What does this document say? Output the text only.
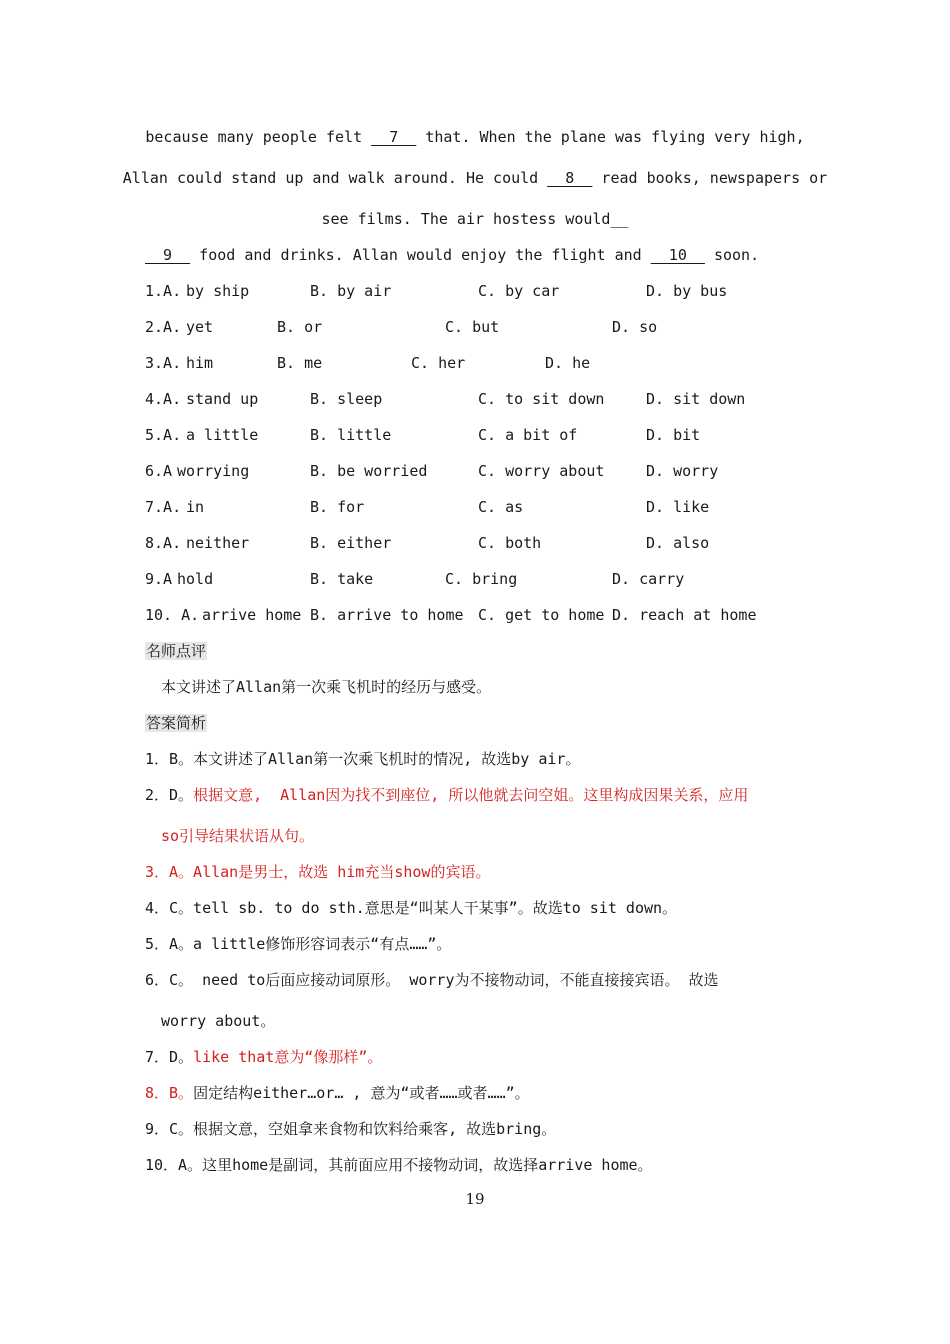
because many people felt   7   that. When the plane was flying very high,
Allan could stand up and walk around. He could   8   read books, newspapers or
see films. The air hostess would__
9   food and drinks. Allan would enjoy the flight and   10   soon.
1.A. by ship	B. by air	C. by car	D. by bus
2.A. yet	B. or	C. but	D. so
3.A. him	B. me	C. her	D. he
4.A. stand up	B. sleep	C. to sit down	D. sit down
5.A. a little	B. little	C. a bit of	D. bit
6.A worrying	B. be worried	C. worry about	D. worry
7.A. in	B. for	C. as	D. like
8.A. neither	B. either	C. both	D. also
9.A hold	B. take	C. bring	D. carry
10. A. arrive home B. arrive to home C. get to home D. reach at home
名师点评
本文讲述了Allan第一次乘飞机时的经历与感受。
答案简析
1．B。本文讲述了Allan第一次乘飞机时的情况, 故选by air。
2．D。根据文意,  Allan因为找不到座位, 所以他就去问空姐。这里构成因果关系，应用
so引导结果状语从句。
3．A。Allan是男士，故选 him充当show的宾语。
4．C。tell sb. to do sth.意思是“叫某人干某事”。故选to sit down。
5．A。a little修饰形容词表示“有点……”。
6．C。 need to后面应接动词原形。 worry为不接物动词，不能直接接宾语。 故选
worry about。
7．D。like that意为“像那样”。
8．B。固定结构either…or… , 意为“或者……或者……”。
9．C。根据文意，空姐拿来食物和饮料给乘客, 故选bring。
10．A。这里home是副词，其前面应用不接物动词，故选择arrive home。
19
